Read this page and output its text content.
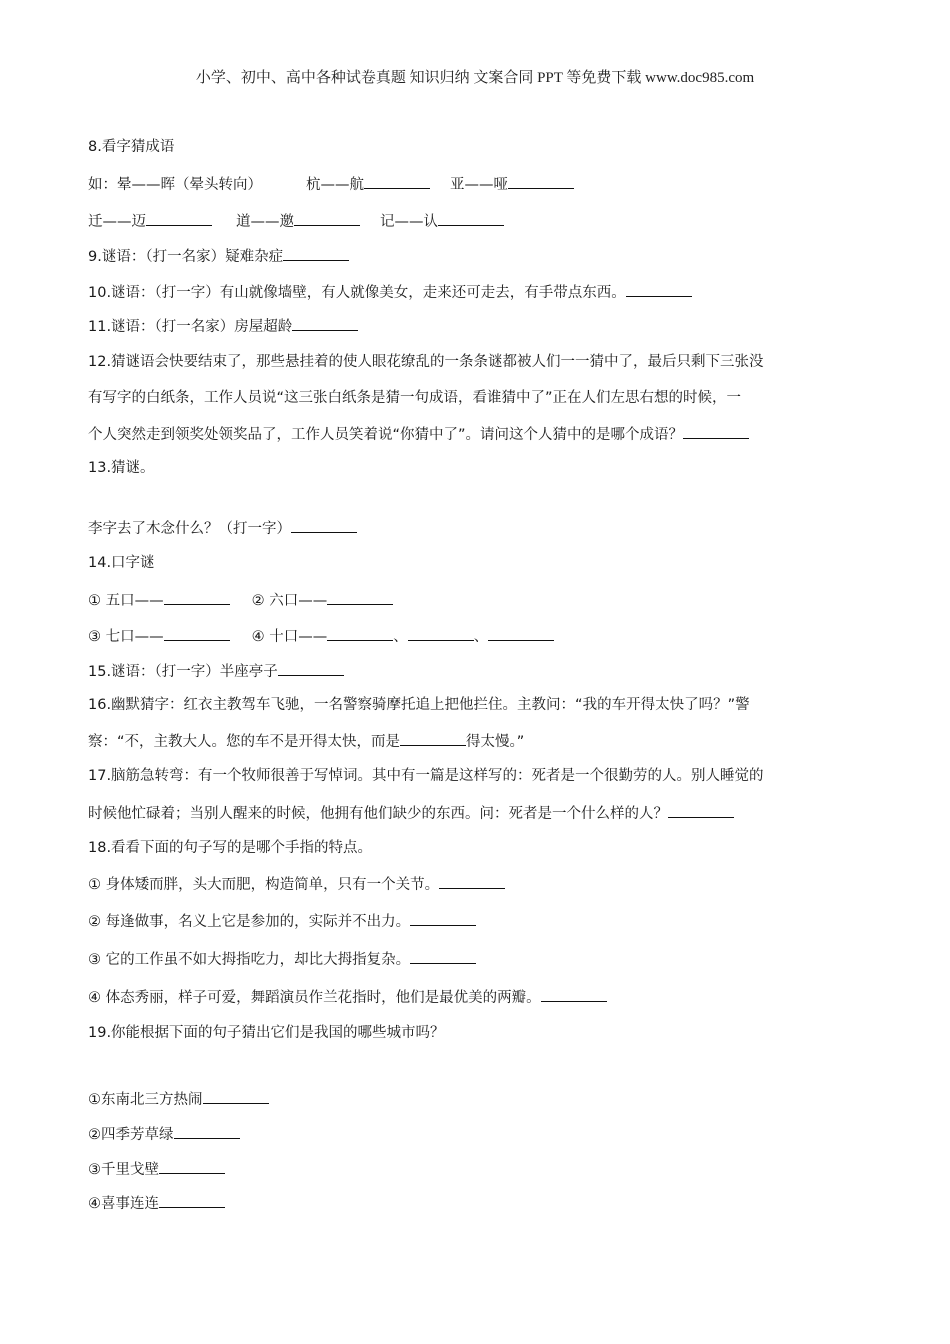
小学、初中、高中各种试卷真题 知识归纳 文案合同 PPT 等免费下载 www.doc985.com
8.看字猜成语
如：晕——晖（晕头转向）	杭——航	亚——哑
迁——迈	道——邀	记——认
9.谜语：（打一名家）疑难杂症
10.谜语：（打一字）有山就像墙壁，有人就像美女，走来还可走去，有手带点东西。
11.谜语：（打一名家）房屋超龄
12.猜谜语会快要结束了，那些悬挂着的使人眼花缭乱的一条条谜都被人们一一猜中了，最后只剩下三张没
有写字的白纸条，工作人员说“这三张白纸条是猜一句成语，看谁猜中了”正在人们左思右想的时候，一
个人突然走到领奖处领奖品了，工作人员笑着说“你猜中了”。请问这个人猜中的是哪个成语？
13.猜谜。
李字去了木念什么？（打一字）
14.口字谜
① 五口——	② 六口——
③ 七口——	④ 十口——	、	、
15.谜语：（打一字）半座亭子
16.幽默猜字：红衣主教驾车飞驰，一名警察骑摩托追上把他拦住。主教问：“我的车开得太快了吗？”警
察：“不，主教大人。您的车不是开得太快，而是	得太慢。”
17.脑筋急转弯：有一个牧师很善于写悼词。其中有一篇是这样写的：死者是一个很勤劳的人。别人睡觉的
时候他忙碌着；当别人醒来的时候，他拥有他们缺少的东西。问：死者是一个什么样的人？
18.看看下面的句子写的是哪个手指的特点。
① 身体矮而胖，头大而肥，构造简单，只有一个关节。
② 每逢做事，名义上它是参加的，实际并不出力。
③ 它的工作虽不如大拇指吃力，却比大拇指复杂。
④ 体态秀丽，样子可爱，舞蹈演员作兰花指时，他们是最优美的两瓣。
19.你能根据下面的句子猜出它们是我国的哪些城市吗？
①东南北三方热闹
②四季芳草绿
③千里戈壁
④喜事连连
